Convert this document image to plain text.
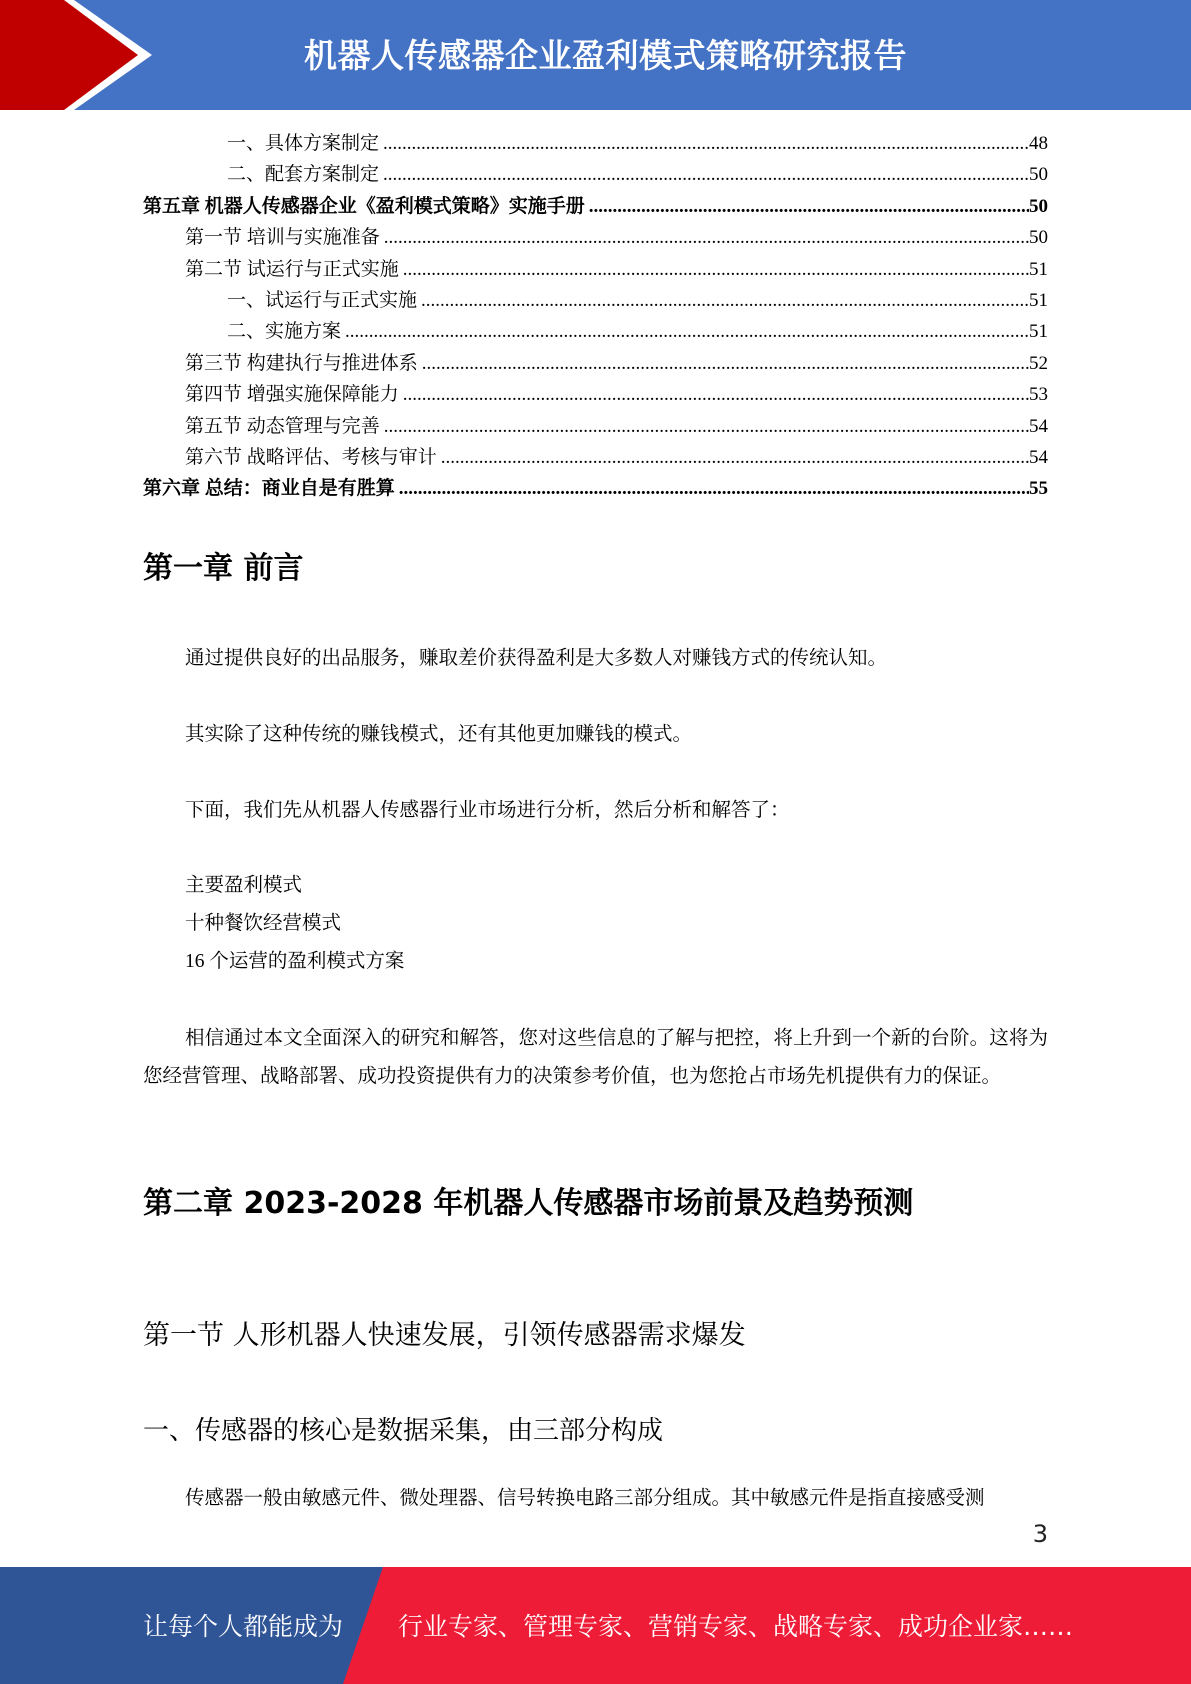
机器人传感器企业盈利模式策略研究报告
一、具体方案制定 .....	48
二、配套方案制定 .....	50
第五章 机器人传感器企业《盈利模式策略》实施手册 .....	50
第一节 培训与实施准备 .....	50
第二节 试运行与正式实施 .....	51
一、试运行与正式实施 .....	51
二、实施方案 .....	51
第三节 构建执行与推进体系 .....	52
第四节 增强实施保障能力 .....	53
第五节 动态管理与完善 .....	54
第六节 战略评估、考核与审计 .....	54
第六章 总结：商业自是有胜算 .....	55
第一章 前言
通过提供良好的出品服务，赚取差价获得盈利是大多数人对赚钱方式的传统认知。
其实除了这种传统的赚钱模式，还有其他更加赚钱的模式。
下面，我们先从机器人传感器行业市场进行分析，然后分析和解答了：
主要盈利模式
十种餐饮经营模式
16 个运营的盈利模式方案
相信通过本文全面深入的研究和解答，您对这些信息的了解与把控，将上升到一个新的台阶。这将为您经营管理、战略部署、成功投资提供有力的决策参考价值，也为您抢占市场先机提供有力的保证。
第二章 2023-2028 年机器人传感器市场前景及趋势预测
第一节 人形机器人快速发展，引领传感器需求爆发
一、传感器的核心是数据采集，由三部分构成
传感器一般由敏感元件、微处理器、信号转换电路三部分组成。其中敏感元件是指直接感受测
3
让每个人都能成为 行业专家、管理专家、营销专家、战略专家、成功企业家……
